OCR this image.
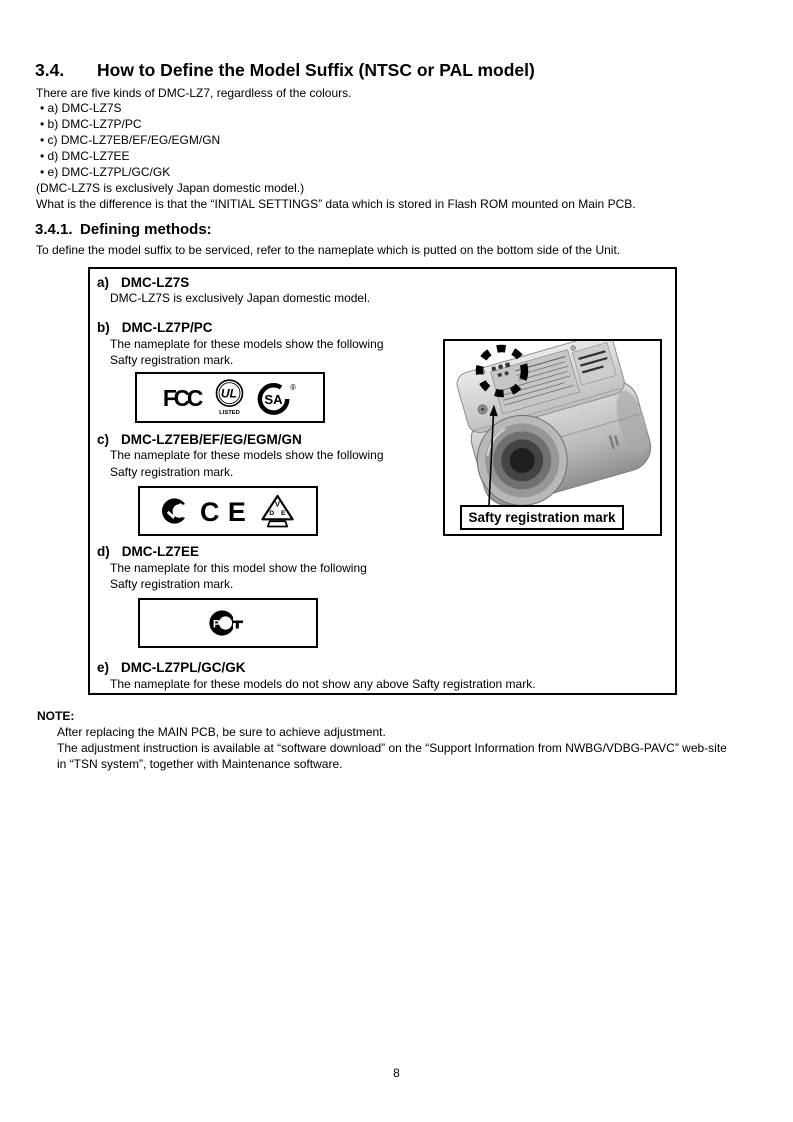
3.4. How to Define the Model Suffix (NTSC or PAL model)
There are five kinds of DMC-LZ7, regardless of the colours.
• a) DMC-LZ7S
• b) DMC-LZ7P/PC
• c) DMC-LZ7EB/EF/EG/EGM/GN
• d) DMC-LZ7EE
• e) DMC-LZ7PL/GC/GK
(DMC-LZ7S is exclusively Japan domestic model.)
What is the difference is that the “INITIAL SETTINGS” data which is stored in Flash ROM mounted on Main PCB.
3.4.1. Defining methods:
To define the model suffix to be serviced, refer to the nameplate which is putted on the bottom side of the Unit.
a) DMC-LZ7S
DMC-LZ7S is exclusively Japan domestic model.
b) DMC-LZ7P/PC
The nameplate for these models show the following
Safty registration mark.
FCC UL
LISTED
SA
®
c) DMC-LZ7EB/EF/EG/EGM/GN
The nameplate for these models show the following
Safty registration mark.
C E	V
D E
d) DMC-LZ7EE
The nameplate for this model show the following
Safty registration mark.
P
e) DMC-LZ7PL/GC/GK
The nameplate for these models do not show any above Safty registration mark.
Safty registration mark
NOTE:
After replacing the MAIN PCB, be sure to achieve adjustment.
The adjustment instruction is available at “software download” on the “Support Information from NWBG/VDBG-PAVC” web-site
in “TSN system”, together with Maintenance software.
8
